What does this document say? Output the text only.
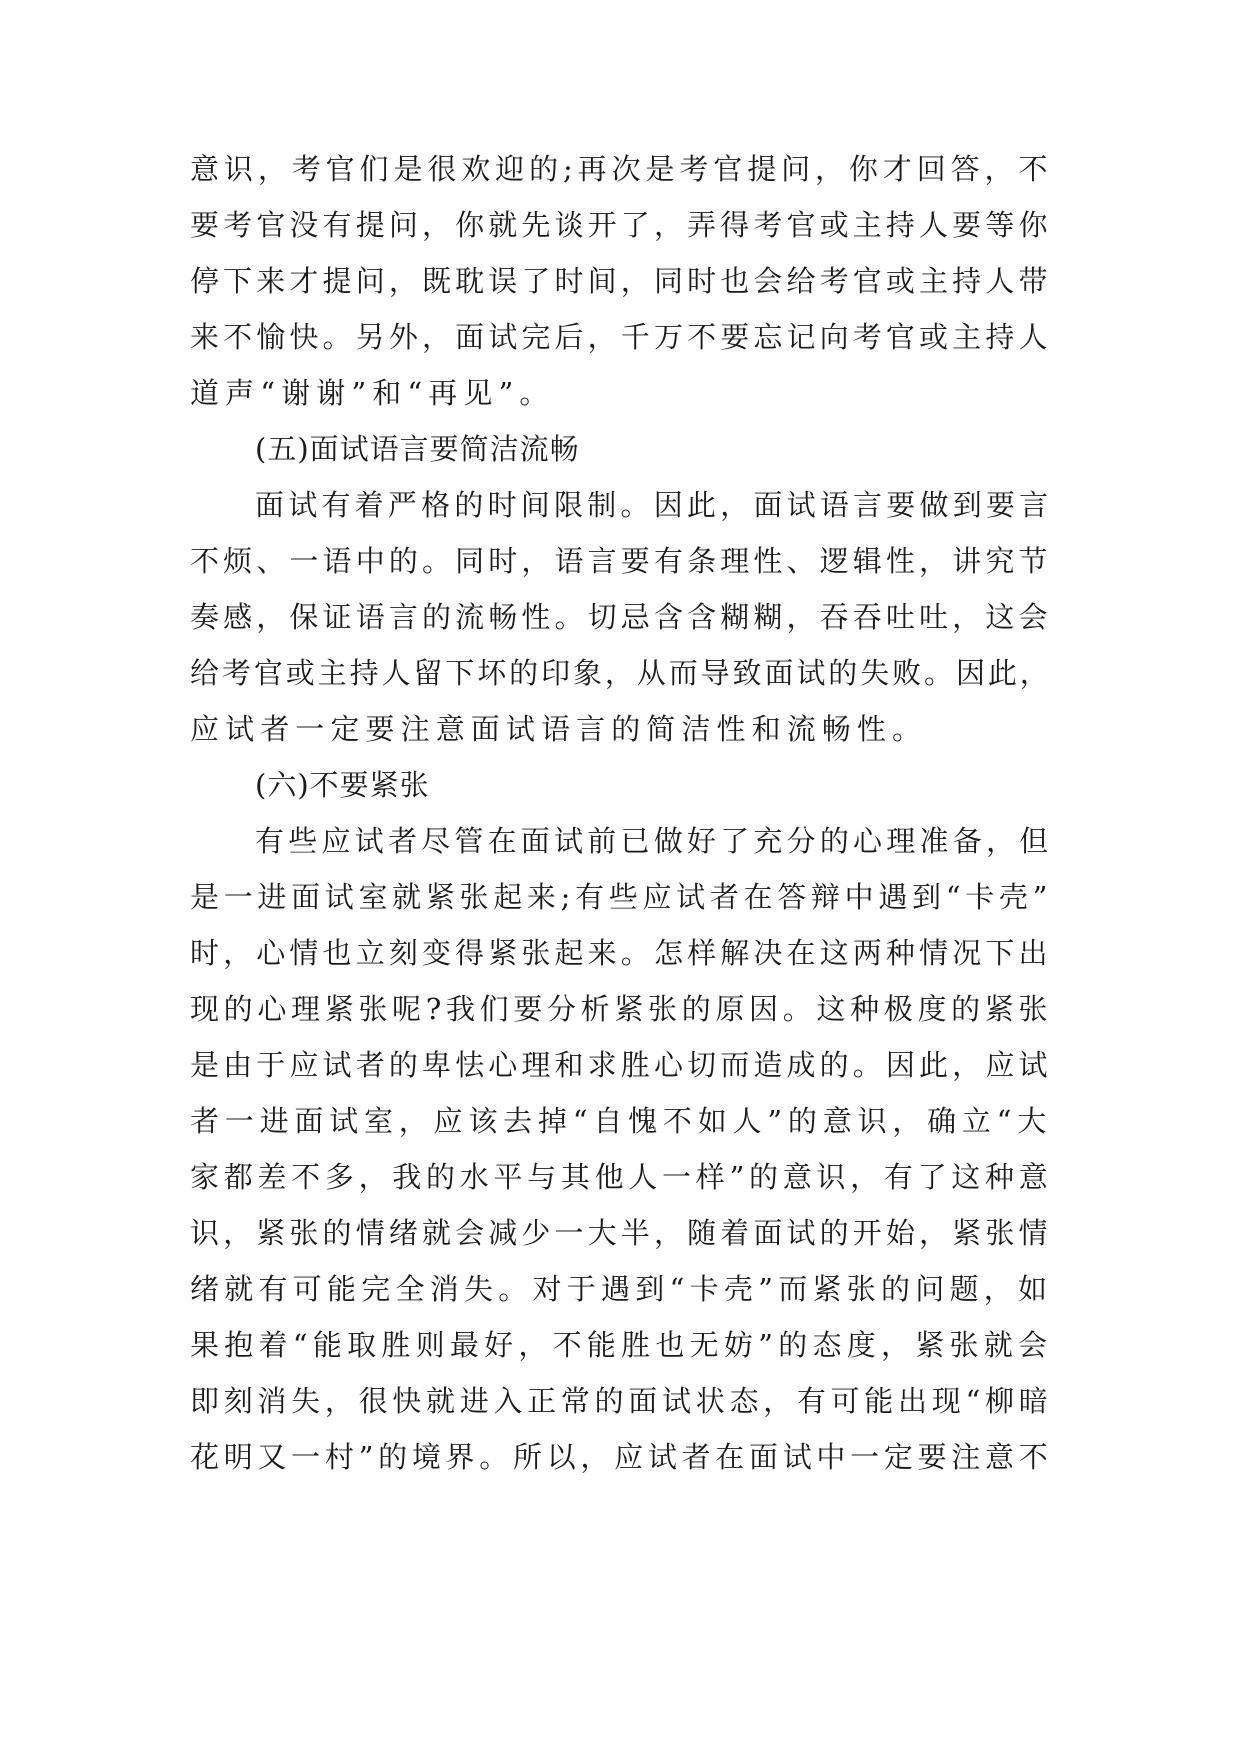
意识，考官们是很欢迎的;再次是考官提问，你才回答，不
要考官没有提问，你就先谈开了，弄得考官或主持人要等你
停下来才提问，既耽误了时间，同时也会给考官或主持人带
来不愉快。另外，面试完后，千万不要忘记向考官或主持人
道声“谢谢”和“再见”。
(五)面试语言要简洁流畅
面试有着严格的时间限制。因此，面试语言要做到要言
不烦、一语中的。同时，语言要有条理性、逻辑性，讲究节
奏感，保证语言的流畅性。切忌含含糊糊，吞吞吐吐，这会
给考官或主持人留下坏的印象，从而导致面试的失败。因此，
应试者一定要注意面试语言的简洁性和流畅性。
(六)不要紧张
有些应试者尽管在面试前已做好了充分的心理准备，但
是一进面试室就紧张起来;有些应试者在答辩中遇到“卡壳”
时，心情也立刻变得紧张起来。怎样解决在这两种情况下出
现的心理紧张呢?我们要分析紧张的原因。这种极度的紧张
是由于应试者的卑怯心理和求胜心切而造成的。因此，应试
者一进面试室，应该去掉“自愧不如人”的意识，确立“大
家都差不多，我的水平与其他人一样”的意识，有了这种意
识，紧张的情绪就会减少一大半，随着面试的开始，紧张情
绪就有可能完全消失。对于遇到“卡壳”而紧张的问题，如
果抱着“能取胜则最好，不能胜也无妨”的态度，紧张就会
即刻消失，很快就进入正常的面试状态，有可能出现“柳暗
花明又一村”的境界。所以，应试者在面试中一定要注意不
